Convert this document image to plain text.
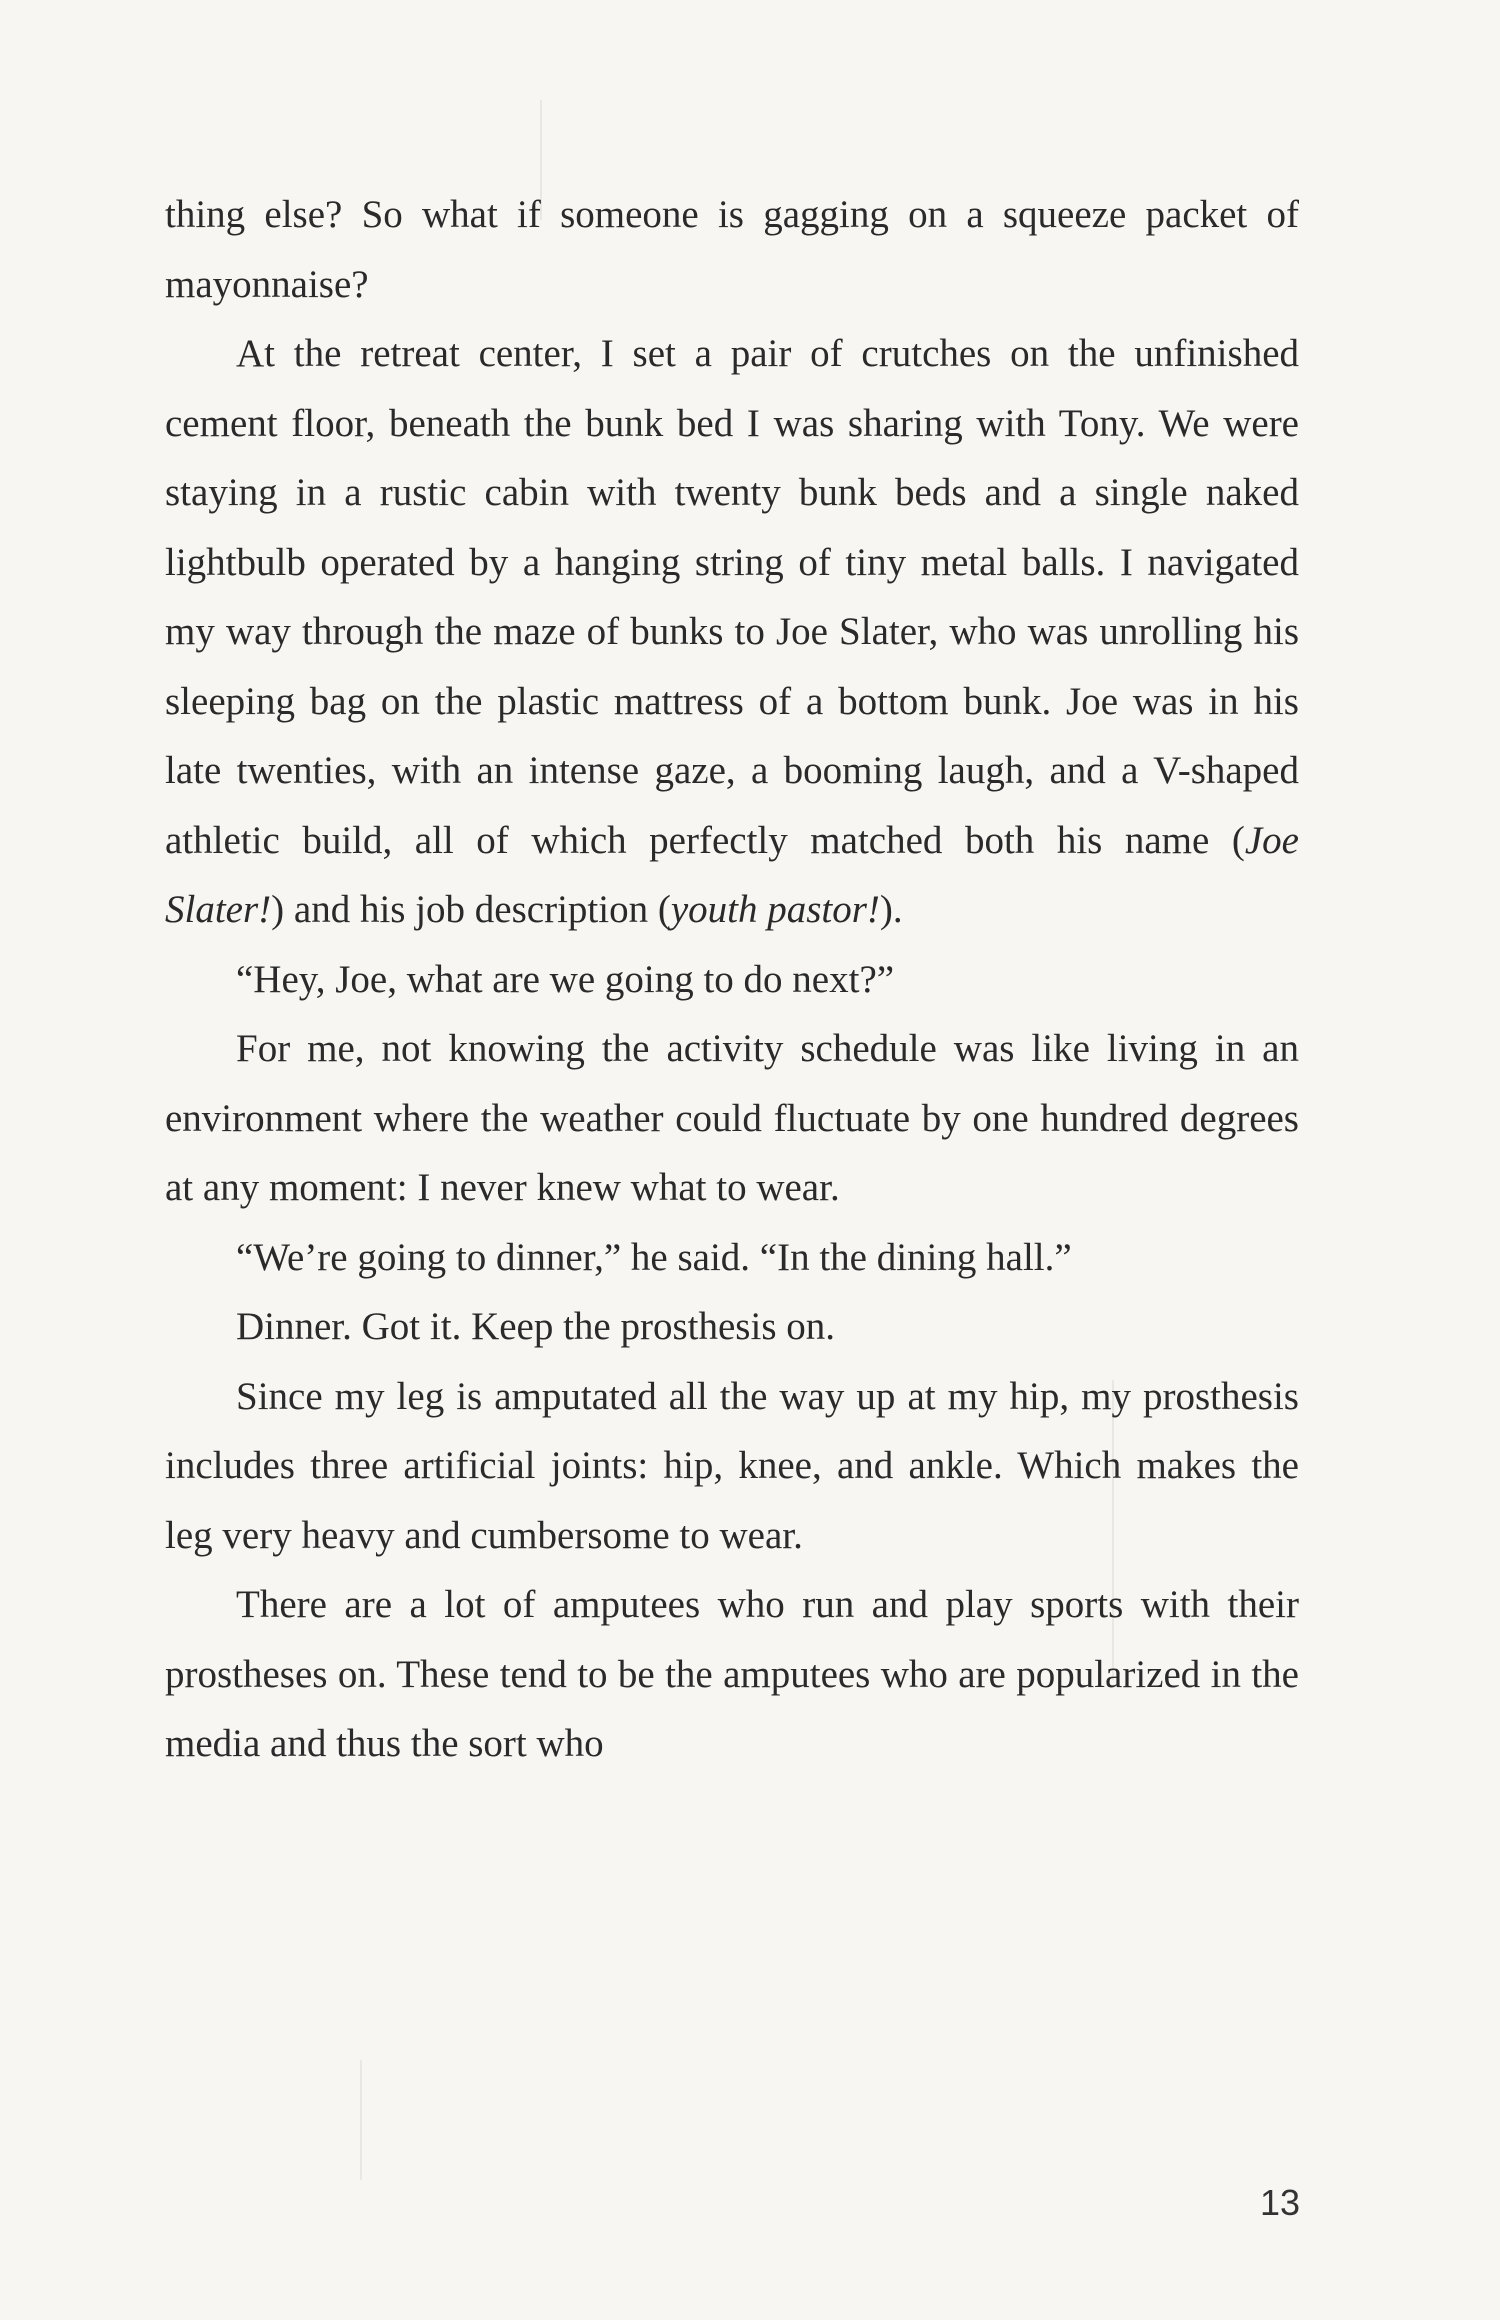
thing else? So what if someone is gagging on a squeeze packet of mayonnaise?

At the retreat center, I set a pair of crutches on the unfinished cement floor, beneath the bunk bed I was sharing with Tony. We were staying in a rustic cabin with twenty bunk beds and a single naked lightbulb operated by a hanging string of tiny metal balls. I navigated my way through the maze of bunks to Joe Slater, who was unrolling his sleeping bag on the plastic mattress of a bottom bunk. Joe was in his late twenties, with an intense gaze, a booming laugh, and a V-shaped athletic build, all of which perfectly matched both his name (Joe Slater!) and his job description (youth pastor!).

“Hey, Joe, what are we going to do next?”

For me, not knowing the activity schedule was like living in an environment where the weather could fluctuate by one hundred degrees at any moment: I never knew what to wear.

“We’re going to dinner,” he said. “In the dining hall.”

Dinner. Got it. Keep the prosthesis on.

Since my leg is amputated all the way up at my hip, my prosthesis includes three artificial joints: hip, knee, and ankle. Which makes the leg very heavy and cumbersome to wear.

There are a lot of amputees who run and play sports with their prostheses on. These tend to be the amputees who are popularized in the media and thus the sort who

13
